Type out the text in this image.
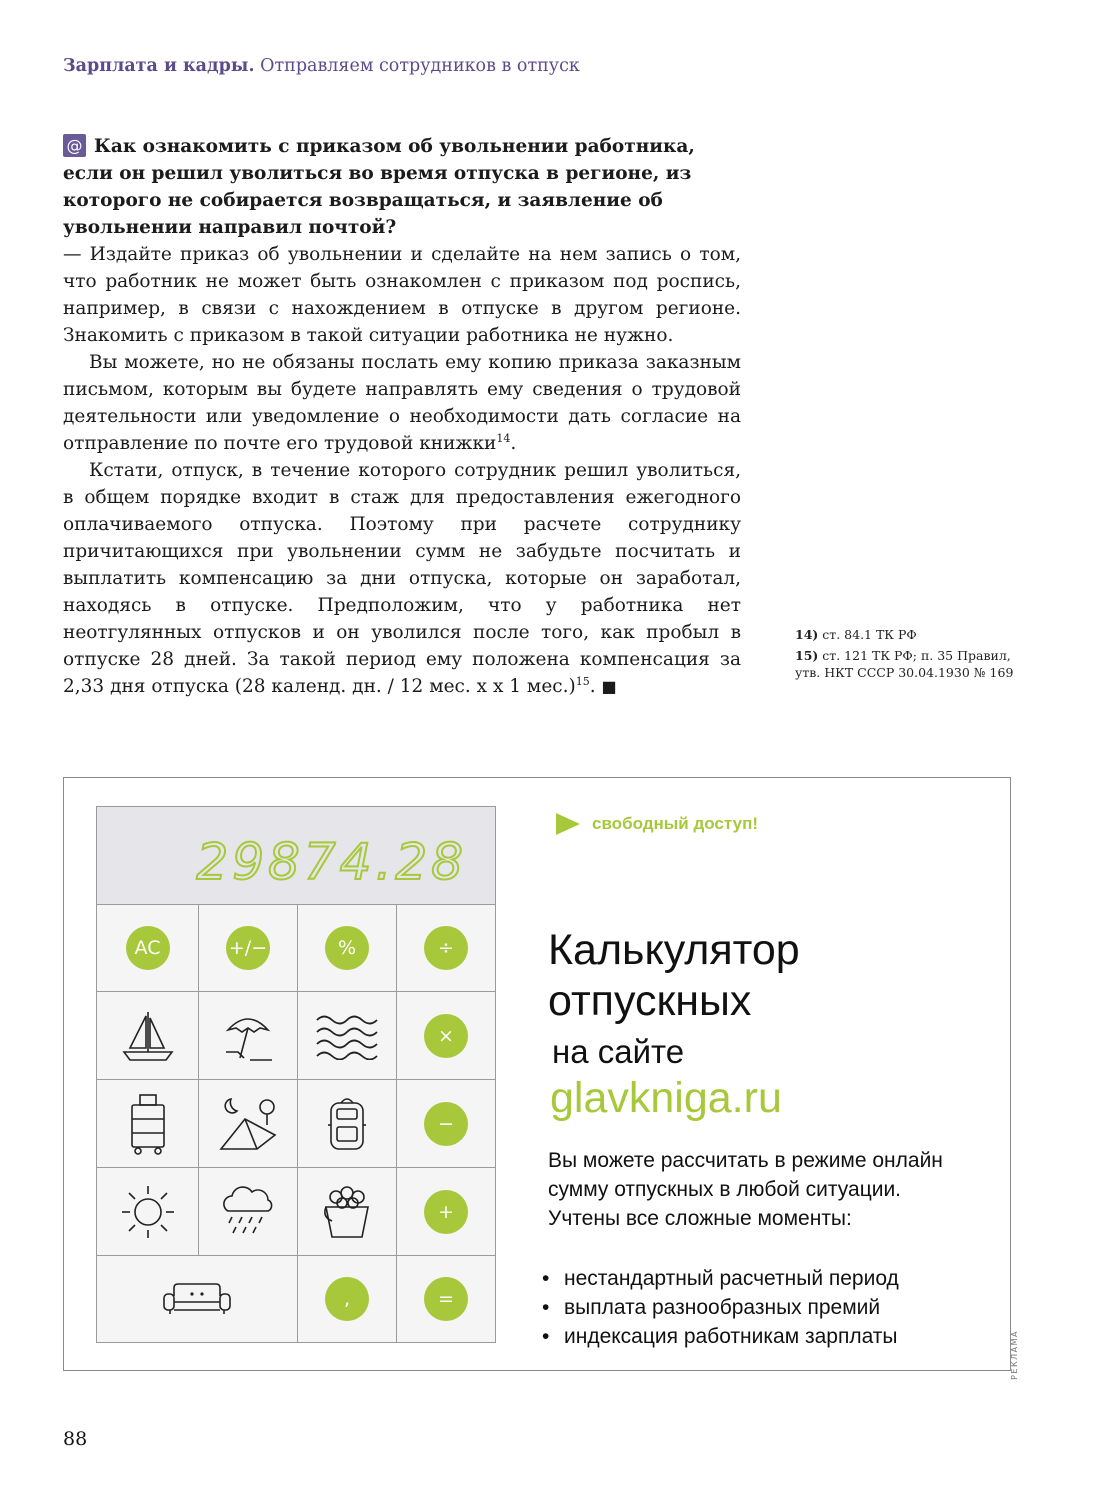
Зарплата и кадры. Отправляем сотрудников в отпуск

@ Как ознакомить с приказом об увольнении работника, если он решил уволиться во время отпуска в регионе, из которого не собирается возвращаться, и заявление об увольнении направил почтой?

— Издайте приказ об увольнении и сделайте на нем запись о том, что работник не может быть ознакомлен с приказом под роспись, например, в связи с нахождением в отпуске в другом регионе. Знакомить с приказом в такой ситуации работника не нужно.

Вы можете, но не обязаны послать ему копию приказа заказным письмом, которым вы будете направлять ему сведения о трудовой деятельности или уведомление о необходимости дать согласие на отправление по почте его трудовой книжки$^{14}$.

Кстати, отпуск, в течение которого сотрудник решил уволиться, в общем порядке входит в стаж для предоставления ежегодного оплачиваемого отпуска. Поэтому при расчете сотруднику причитающихся при увольнении сумм не забудьте посчитать и выплатить компенсацию за дни отпуска, которые он заработал, находясь в отпуске. Предположим, что у работника нет неотгулянных отпусков и он уволился после того, как пробыл в отпуске 28 дней. За такой период ему положена компенсация за 2,33 дня отпуска (28 календ. дн. / 12 мес. х х 1 мес.)$^{15}$. ■

14) ст. 84.1 ТК РФ

15) ст. 121 ТК РФ; п. 35 Правил, утв. НКТ СССР 30.04.1930 № 169

РЕКЛАМА
29874.28
AC	+/−	%	÷
×
−
+
,	=
свободный доступ!
Калькулятор
отпускных
на сайте
glavkniga.ru

Вы можете рассчитать в режиме онлайн сумму отпускных в любой ситуации. Учтены все сложные моменты:

• нестандартный расчетный период
• выплата разнообразных премий
• индексация работникам зарплаты
88
